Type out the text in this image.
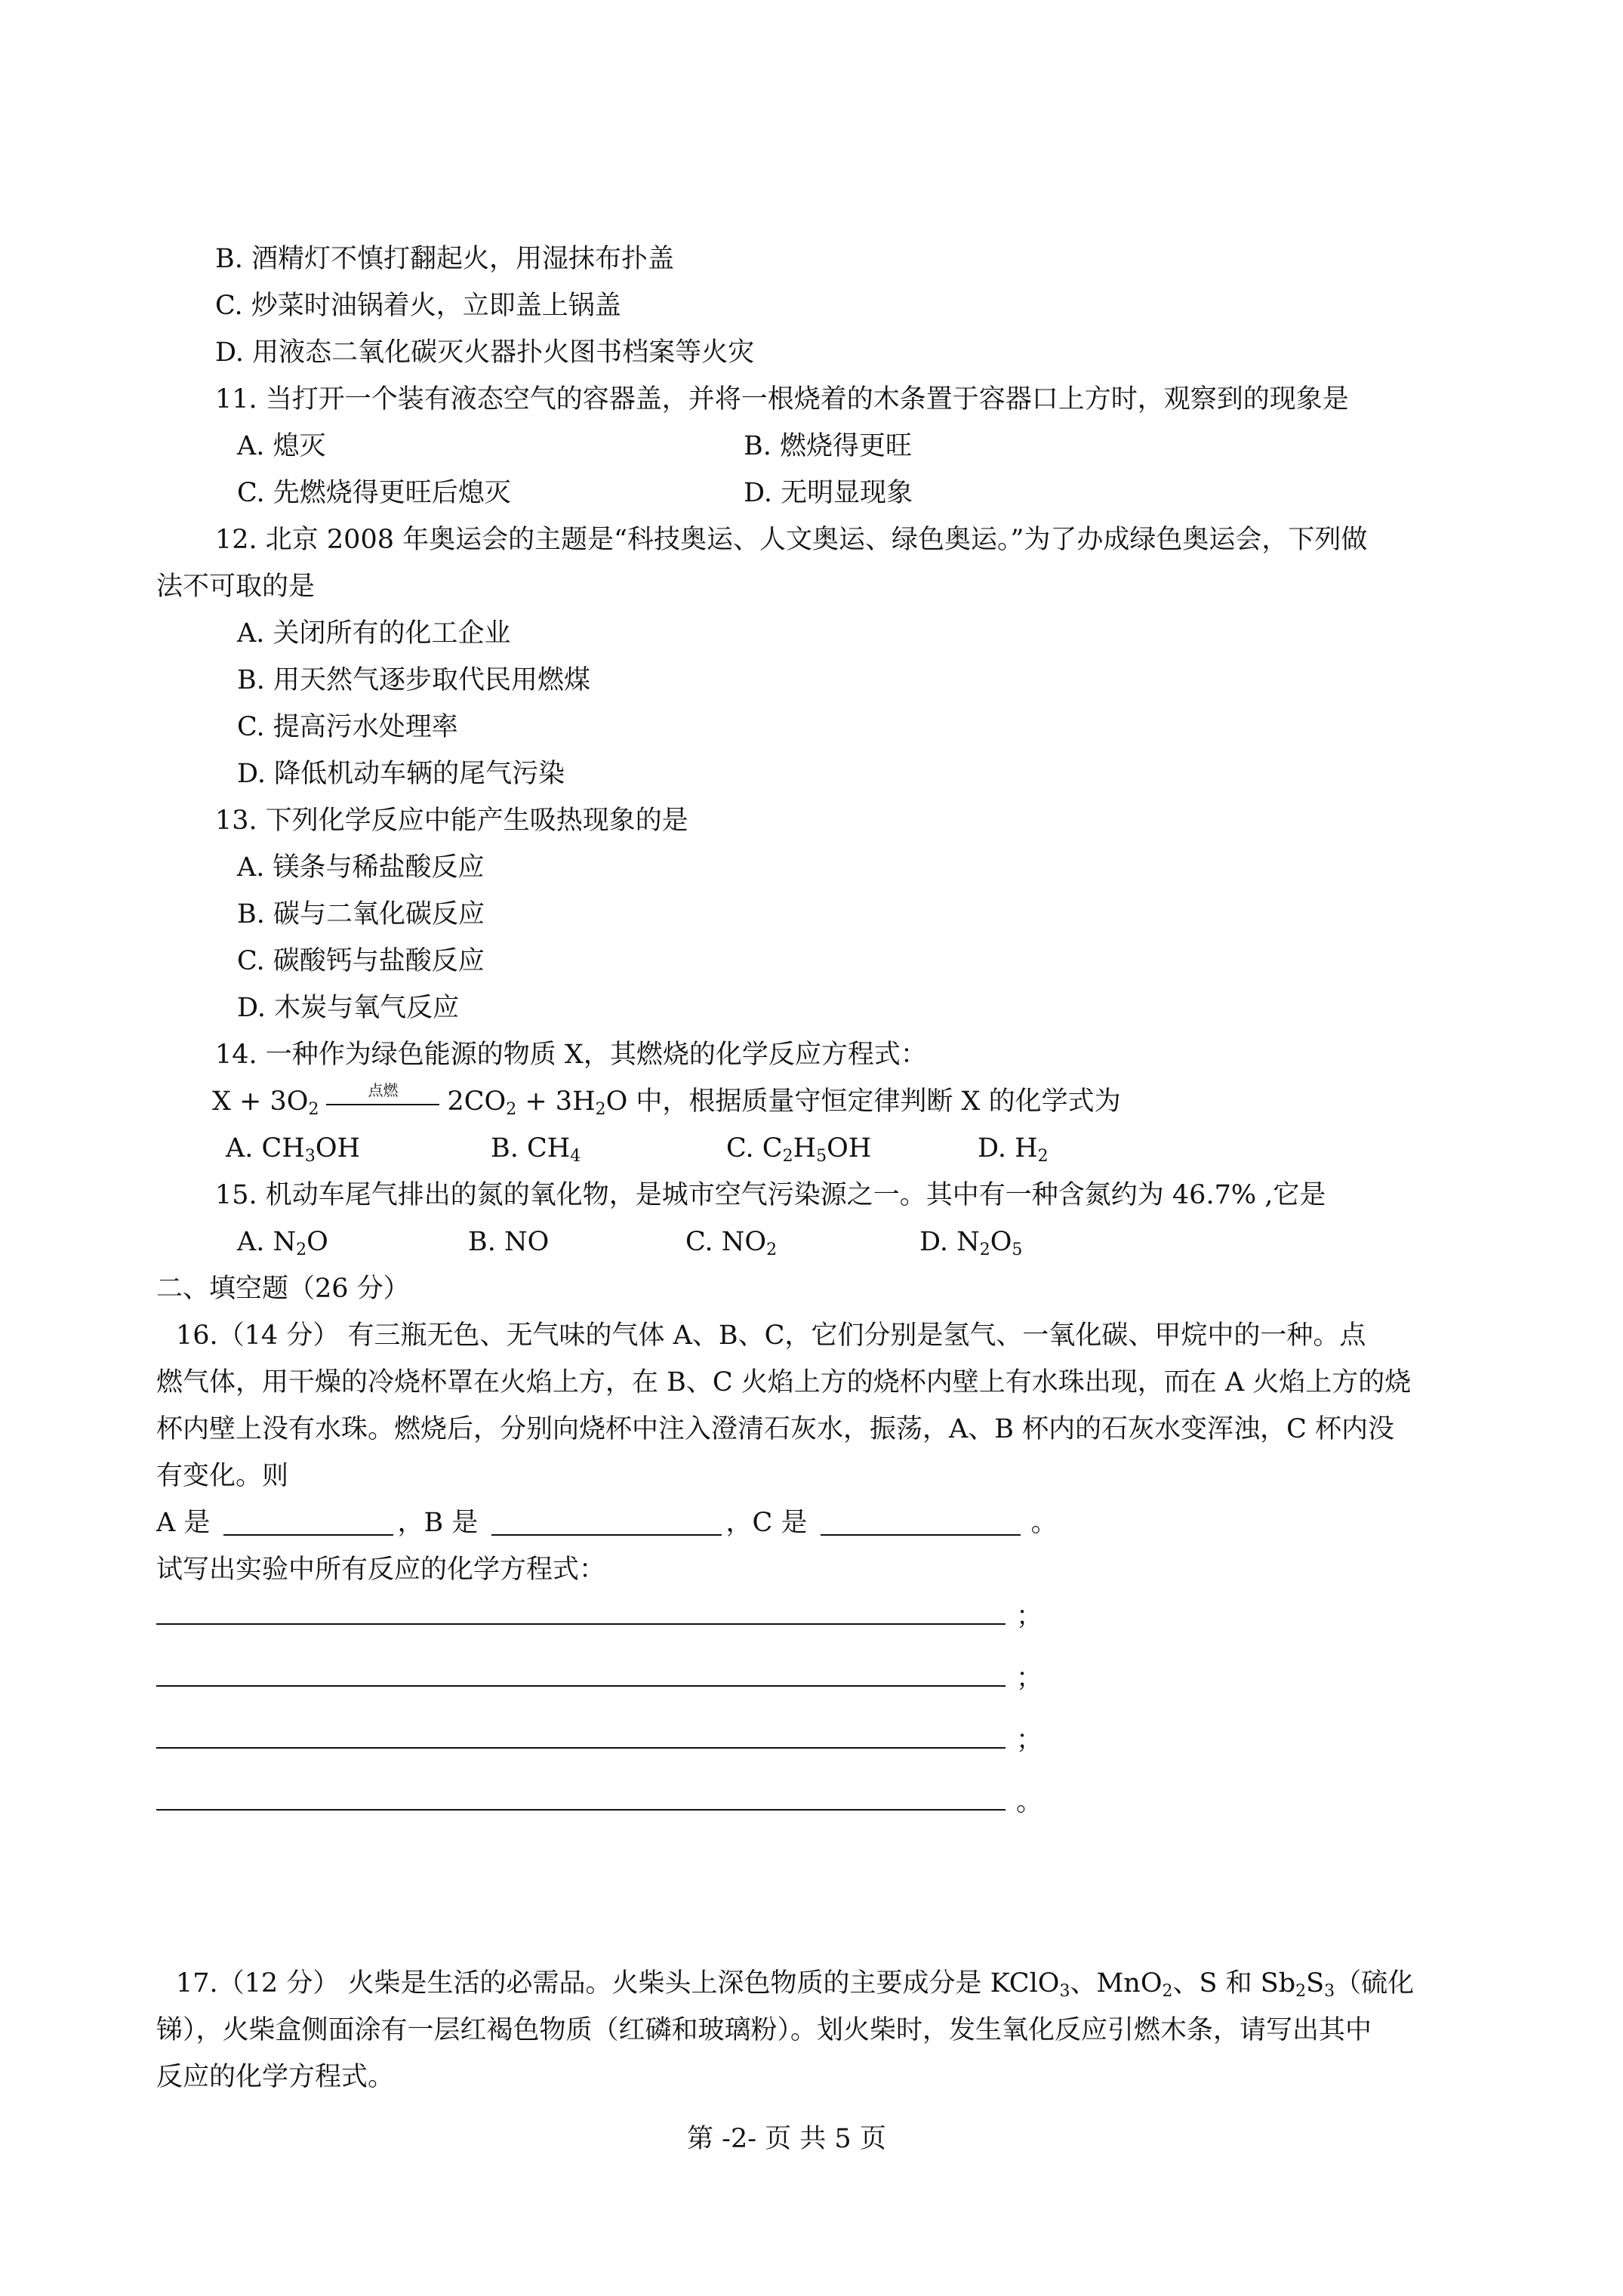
B. 酒精灯不慎打翻起火，用湿抹布扑盖
C. 炒菜时油锅着火，立即盖上锅盖
D. 用液态二氧化碳灭火器扑火图书档案等火灾
11. 当打开一个装有液态空气的容器盖，并将一根烧着的木条置于容器口上方时，观察到的现象是
A. 熄灭	B. 燃烧得更旺
C. 先燃烧得更旺后熄灭	D. 无明显现象
12. 北京 2008 年奥运会的主题是“科技奥运、人文奥运、绿色奥运。”为了办成绿色奥运会，下列做
法不可取的是
A. 关闭所有的化工企业
B. 用天然气逐步取代民用燃煤
C. 提高污水处理率
D. 降低机动车辆的尾气污染
13. 下列化学反应中能产生吸热现象的是
A. 镁条与稀盐酸反应
B. 碳与二氧化碳反应
C. 碳酸钙与盐酸反应
D. 木炭与氧气反应
14. 一种作为绿色能源的物质 X，其燃烧的化学反应方程式：
$X + 3O_2$
点燃	$2CO_2 + 3H_2O$ 中，根据质量守恒定律判断 X 的化学式为
A. $CH_3OH$	B. $CH_4$	C. $C_2H_5OH$	D. $H_2$
15. 机动车尾气排出的氮的氧化物，是城市空气污染源之一。其中有一种含氮约为 46.7% ,它是
A. $N_2O$	B. NO	C. $NO_2$	D. $N_2O_5$
二、填空题（26 分）
16.（14 分） 有三瓶无色、无气味的气体 A、B、C，它们分别是氢气、一氧化碳、甲烷中的一种。点
燃气体，用干燥的冷烧杯罩在火焰上方，在 B、C 火焰上方的烧杯内壁上有水珠出现，而在 A 火焰上方的烧
杯内壁上没有水珠。燃烧后，分别向烧杯中注入澄清石灰水，振荡，A、B 杯内的石灰水变浑浊，C 杯内没
有变化。则
A 是	，B 是	，C 是	。
试写出实验中所有反应的化学方程式：
；
；
；
。
17.（12 分） 火柴是生活的必需品。火柴头上深色物质的主要成分是 KClO$_3$、MnO$_2$、S 和 $Sb_2S_3$（硫化
锑），火柴盒侧面涂有一层红褐色物质（红磷和玻璃粉）。划火柴时，发生氧化反应引燃木条，请写出其中
反应的化学方程式。
第 -2- 页 共 5 页
